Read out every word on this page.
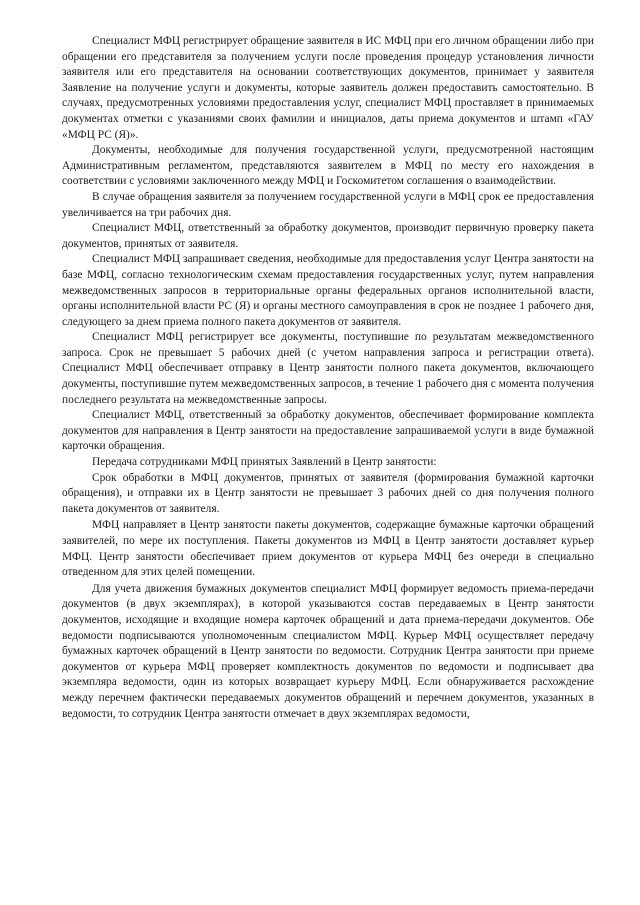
Специалист МФЦ регистрирует обращение заявителя в ИС МФЦ при его личном обращении либо при обращении его представителя за получением услуги после проведения процедур установления личности заявителя или его представителя на основании соответствующих документов, принимает у заявителя Заявление на получение услуги и документы, которые заявитель должен предоставить самостоятельно. В случаях, предусмотренных условиями предоставления услуг, специалист МФЦ проставляет в принимаемых документах отметки с указаниями своих фамилии и инициалов, даты приема документов и штамп «ГАУ «МФЦ РС (Я)».

Документы, необходимые для получения государственной услуги, предусмотренной настоящим Административным регламентом, представляются заявителем в МФЦ по месту его нахождения в соответствии с условиями заключенного между МФЦ и Госкомитетом соглашения о взаимодействии.

В случае обращения заявителя за получением государственной услуги в МФЦ срок ее предоставления увеличивается на три рабочих дня.

Специалист МФЦ, ответственный за обработку документов, производит первичную проверку пакета документов, принятых от заявителя.

Специалист МФЦ запрашивает сведения, необходимые для предоставления услуг Центра занятости на базе МФЦ, согласно технологическим схемам предоставления государственных услуг, путем направления межведомственных запросов в территориальные органы федеральных органов исполнительной власти, органы исполнительной власти РС (Я) и органы местного самоуправления в срок не позднее 1 рабочего дня, следующего за днем приема полного пакета документов от заявителя.

Специалист МФЦ регистрирует все документы, поступившие по результатам межведомственного запроса. Срок не превышает 5 рабочих дней (с учетом направления запроса и регистрации ответа). Специалист МФЦ обеспечивает отправку в Центр занятости полного пакета документов, включающего документы, поступившие путем межведомственных запросов, в течение 1 рабочего дня с момента получения последнего результата на межведомственные запросы.

Специалист МФЦ, ответственный за обработку документов, обеспечивает формирование комплекта документов для направления в Центр занятости на предоставление запрашиваемой услуги в виде бумажной карточки обращения.

Передача сотрудниками МФЦ принятых Заявлений в Центр занятости:

Срок обработки в МФЦ документов, принятых от заявителя (формирования бумажной карточки обращения), и отправки их в Центр занятости не превышает 3 рабочих дней со дня получения полного пакета документов от заявителя.

МФЦ направляет в Центр занятости пакеты документов, содержащие бумажные карточки обращений заявителей, по мере их поступления. Пакеты документов из МФЦ в Центр занятости доставляет курьер МФЦ. Центр занятости обеспечивает прием документов от курьера МФЦ без очереди в специально отведенном для этих целей помещении.

Для учета движения бумажных документов специалист МФЦ формирует ведомость приема-передачи документов (в двух экземплярах), в которой указываются состав передаваемых в Центр занятости документов, исходящие и входящие номера карточек обращений и дата приема-передачи документов. Обе ведомости подписываются уполномоченным специалистом МФЦ. Курьер МФЦ осуществляет передачу бумажных карточек обращений в Центр занятости по ведомости. Сотрудник Центра занятости при приеме документов от курьера МФЦ проверяет комплектность документов по ведомости и подписывает два экземпляра ведомости, один из которых возвращает курьеру МФЦ. Если обнаруживается расхождение между перечнем фактически передаваемых документов обращений и перечнем документов, указанных в ведомости, то сотрудник Центра занятости отмечает в двух экземплярах ведомости,
